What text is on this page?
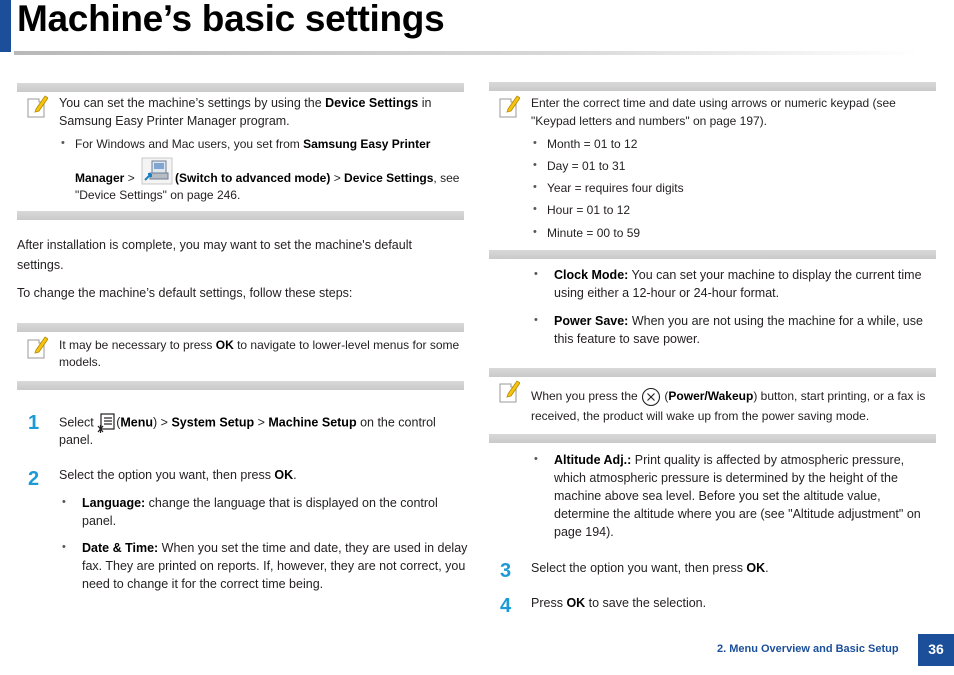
Machine’s basic settings
You can set the machine’s settings by using the Device Settings in
Samsung Easy Printer Manager program.
• For Windows and Mac users, you set from Samsung Easy Printer
Manager >	(Switch to advanced mode) > Device Settings, see
"Device Settings" on page 246.
After installation is complete, you may want to set the machine's default
settings.
To change the machine’s default settings, follow these steps:
It may be necessary to press OK to navigate to lower-level menus for some
models.
1 Select (Menu) > System Setup > Machine Setup on the control
panel.
2 Select the option you want, then press OK.
• Language: change the language that is displayed on the control
panel.
• Date & Time: When you set the time and date, they are used in delay
fax. They are printed on reports. If, however, they are not correct, you
need to change it for the correct time being.
Enter the correct time and date using arrows or numeric keypad (see
"Keypad letters and numbers" on page 197).
• Month = 01 to 12
• Day = 01 to 31
• Year = requires four digits
• Hour = 01 to 12
• Minute = 00 to 59
• Clock Mode: You can set your machine to display the current time
using either a 12-hour or 24-hour format.
• Power Save: When you are not using the machine for a while, use
this feature to save power.
When you press the  (Power/Wakeup) button, start printing, or a fax is
received, the product will wake up from the power saving mode.
• Altitude Adj.: Print quality is affected by atmospheric pressure,
which atmospheric pressure is determined by the height of the
machine above sea level. Before you set the altitude value,
determine the altitude where you are (see "Altitude adjustment" on
page 194).
3 Select the option you want, then press OK.
4 Press OK to save the selection.
2. Menu Overview and Basic Setup	36
